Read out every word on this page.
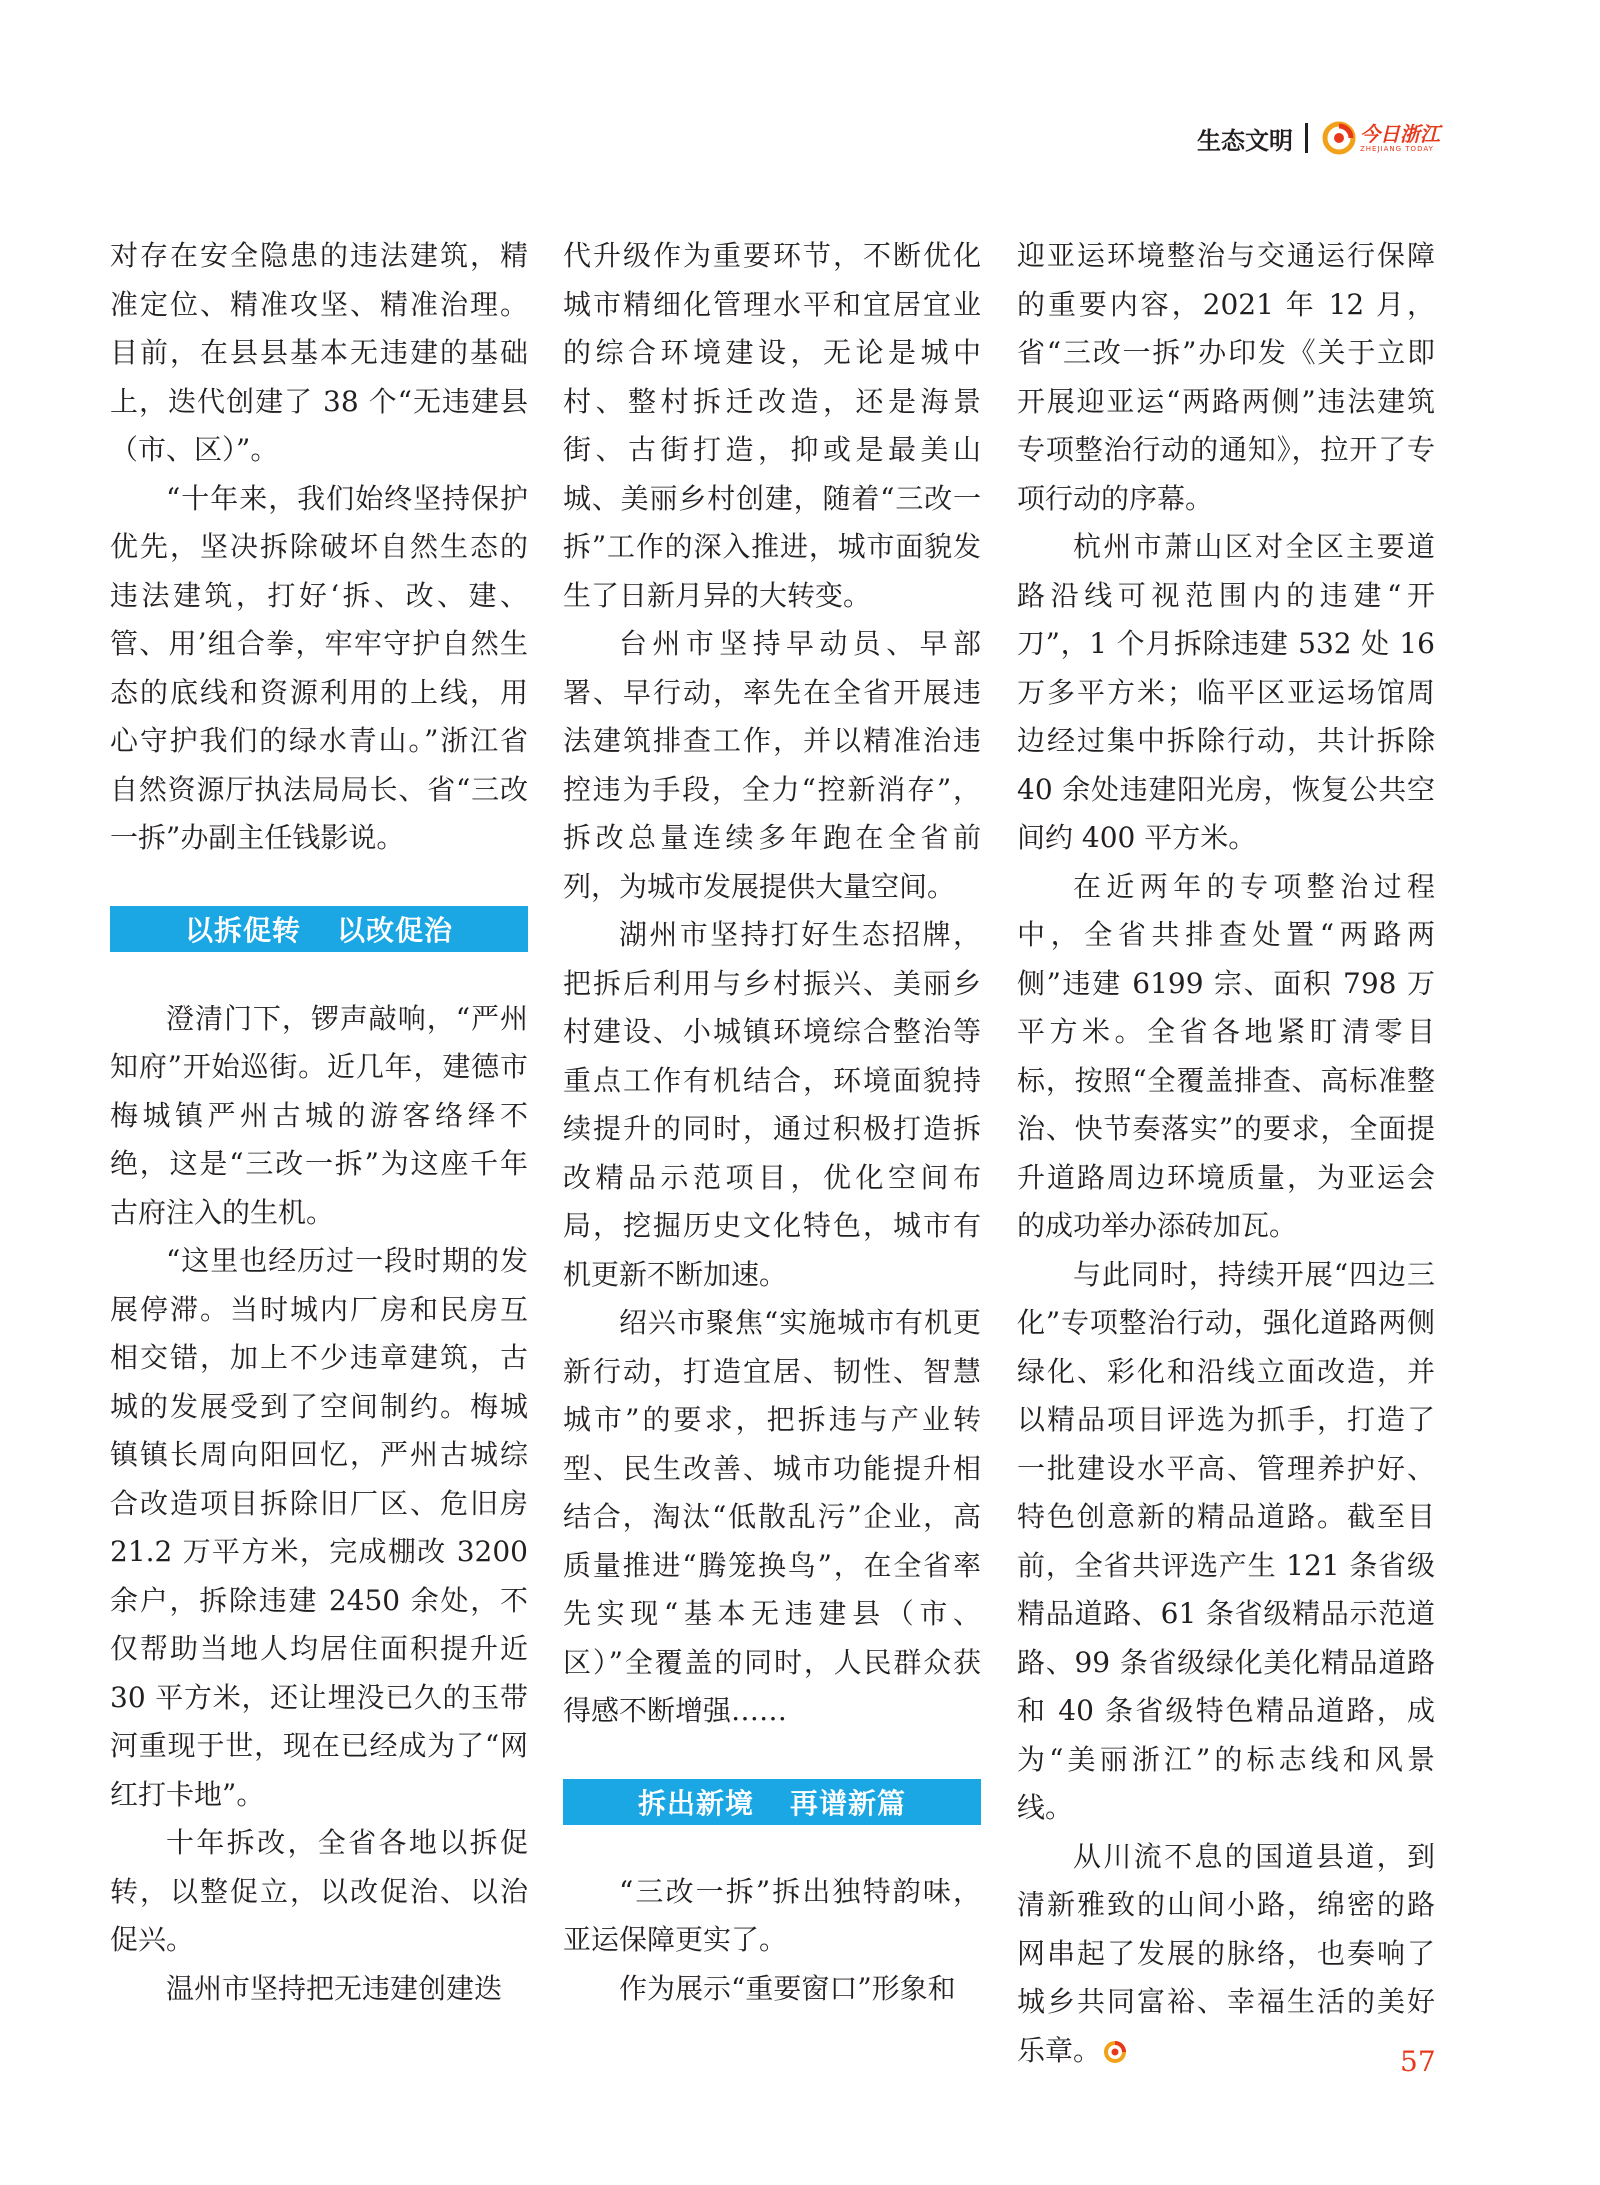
生态文明	今日浙江
ZHEJIANG TODAY

对存在安全隐患的违法建筑，精准定位、精准攻坚、精准治理。目前，在县县基本无违建的基础上，迭代创建了 38 个“无违建县（市、区）”。

“十年来，我们始终坚持保护优先，坚决拆除破坏自然生态的违法建筑，打好‘拆、改、建、管、用’组合拳，牢牢守护自然生态的底线和资源利用的上线，用心守护我们的绿水青山。”浙江省自然资源厅执法局局长、省“三改一拆”办副主任钱影说。

以拆促转 以改促治

澄清门下，锣声敲响，“严州知府”开始巡街。近几年，建德市梅城镇严州古城的游客络绎不绝，这是“三改一拆”为这座千年古府注入的生机。

“这里也经历过一段时期的发展停滞。当时城内厂房和民房互相交错，加上不少违章建筑，古城的发展受到了空间制约。梅城镇镇长周向阳回忆，严州古城综合改造项目拆除旧厂区、危旧房 21.2 万平方米，完成棚改 3200 余户，拆除违建 2450 余处，不仅帮助当地人均居住面积提升近 30 平方米，还让埋没已久的玉带河重现于世，现在已经成为了“网红打卡地”。

十年拆改，全省各地以拆促转，以整促立，以改促治、以治促兴。

温州市坚持把无违建创建迭

代升级作为重要环节，不断优化城市精细化管理水平和宜居宜业的综合环境建设，无论是城中村、整村拆迁改造，还是海景街、古街打造，抑或是最美山城、美丽乡村创建，随着“三改一拆”工作的深入推进，城市面貌发生了日新月异的大转变。

台州市坚持早动员、早部署、早行动，率先在全省开展违法建筑排查工作，并以精准治违控违为手段，全力“控新消存”，拆改总量连续多年跑在全省前列，为城市发展提供大量空间。

湖州市坚持打好生态招牌，把拆后利用与乡村振兴、美丽乡村建设、小城镇环境综合整治等重点工作有机结合，环境面貌持续提升的同时，通过积极打造拆改精品示范项目，优化空间布局，挖掘历史文化特色，城市有机更新不断加速。

绍兴市聚焦“实施城市有机更新行动，打造宜居、韧性、智慧城市”的要求，把拆违与产业转型、民生改善、城市功能提升相结合，淘汰“低散乱污”企业，高质量推进“腾笼换鸟”，在全省率先实现“基本无违建县（市、区）”全覆盖的同时，人民群众获得感不断增强……

拆出新境 再谱新篇

“三改一拆”拆出独特韵味，亚运保障更实了。

作为展示“重要窗口”形象和

迎亚运环境整治与交通运行保障的重要内容，2021 年 12 月，省“三改一拆”办印发《关于立即开展迎亚运“两路两侧”违法建筑专项整治行动的通知》，拉开了专项行动的序幕。

杭州市萧山区对全区主要道路沿线可视范围内的违建“开刀”，1 个月拆除违建 532 处 16 万多平方米；临平区亚运场馆周边经过集中拆除行动，共计拆除 40 余处违建阳光房，恢复公共空间约 400 平方米。

在近两年的专项整治过程中，全省共排查处置“两路两侧”违建 6199 宗、面积 798 万平方米。全省各地紧盯清零目标，按照“全覆盖排查、高标准整治、快节奏落实”的要求，全面提升道路周边环境质量，为亚运会的成功举办添砖加瓦。

与此同时，持续开展“四边三化”专项整治行动，强化道路两侧绿化、彩化和沿线立面改造，并以精品项目评选为抓手，打造了一批建设水平高、管理养护好、特色创意新的精品道路。截至目前，全省共评选产生 121 条省级精品道路、61 条省级精品示范道路、99 条省级绿化美化精品道路和 40 条省级特色精品道路，成为“美丽浙江”的标志线和风景线。

从川流不息的国道县道，到清新雅致的山间小路，绵密的路网串起了发展的脉络，也奏响了城乡共同富裕、幸福生活的美好乐章。	57
